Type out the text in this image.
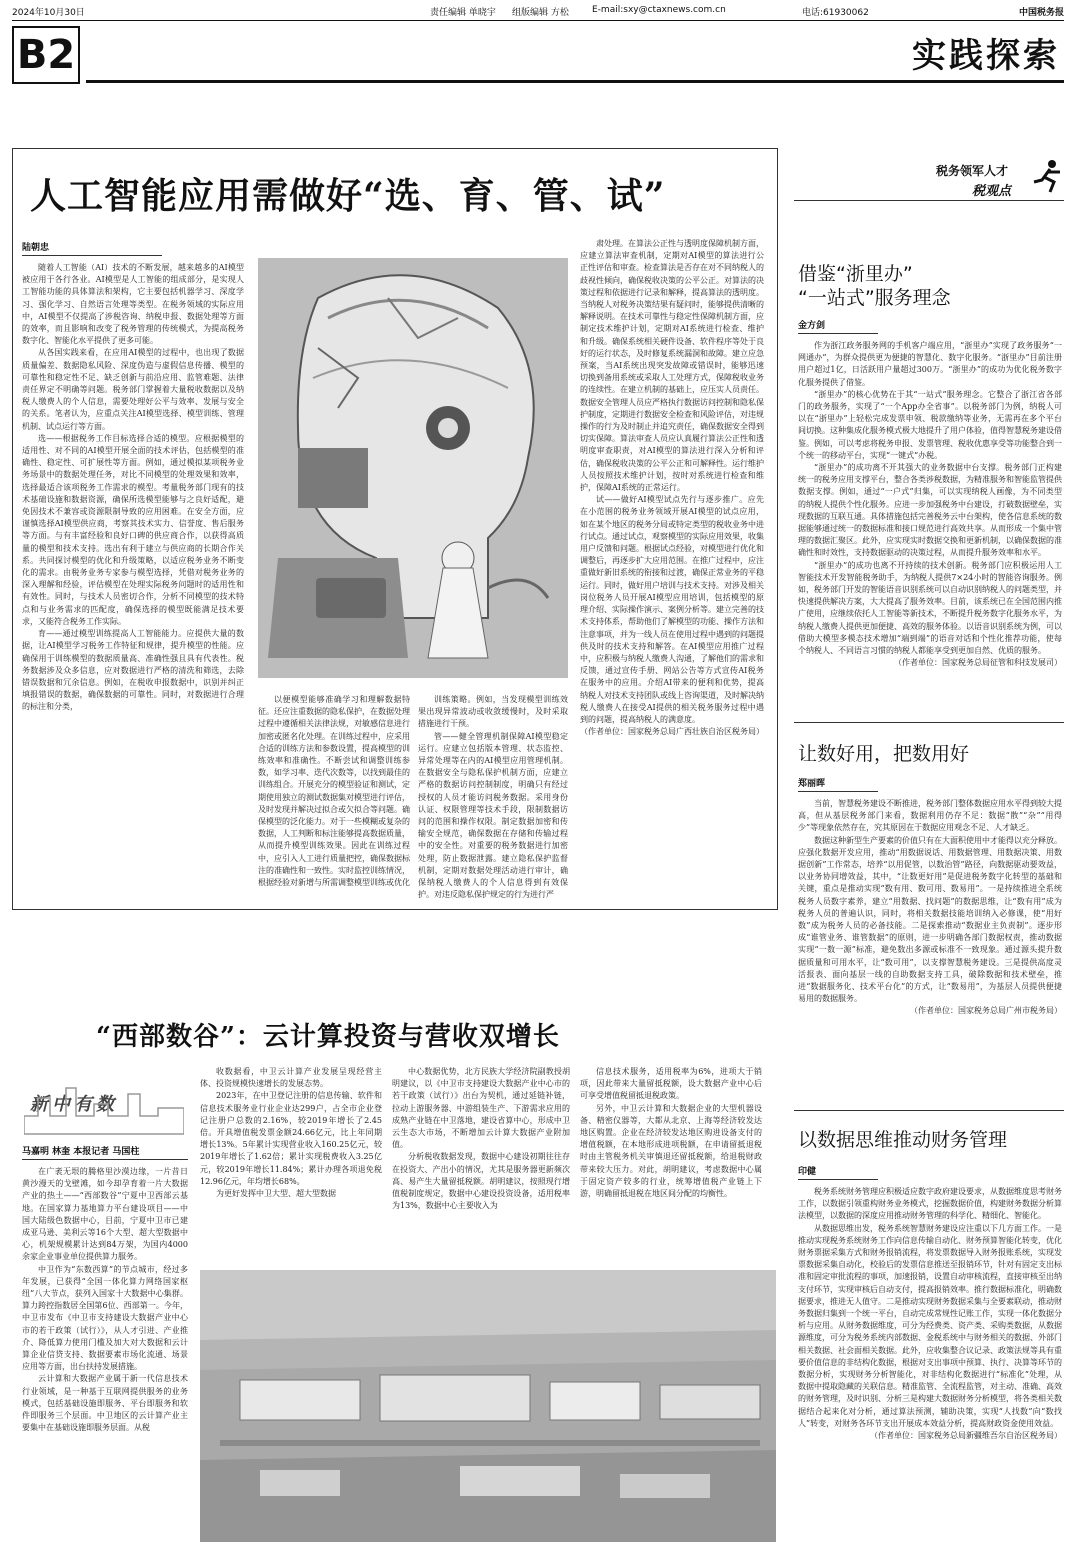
2024年10月30日	责任编辑 单晓宇 组版编辑 方松	E-mail:sxy@ctaxnews.com.cn	电话:61930062	中国税务报
B2	实践探索
人工智能应用需做好“选、育、管、试”
陆朝忠

随着人工智能（AI）技术的不断发展，越来越多的AI模型被应用于各行各业。AI模型是人工智能的组成部分，是实现人工智能功能的具体算法和架构，它主要包括机器学习、深度学习、强化学习、自然语言处理等类型。在税务领域的实际应用中，AI模型不仅提高了涉税咨询、纳税申报、数据处理等方面的效率，而且影响和改变了税务管理的传统模式，为提高税务数字化、智能化水平提供了更多可能。

从各国实践来看，在应用AI模型的过程中，也出现了数据质量偏差、数据隐私风险、深度伪造与虚假信息传播、模型的可靠性和稳定性不足、缺乏创新与前沿应用、监管难题、法律责任界定不明确等问题。税务部门掌握着大量税收数据以及纳税人缴费人的个人信息，需要处理好公平与效率、发展与安全的关系。笔者认为，应重点关注AI模型选择、模型训练、管理机制、试点运行等方面。

选——根据税务工作目标选择合适的模型。应根据模型的适用性、对不同的AI模型开展全面的技术评估，包括模型的准确性、稳定性、可扩展性等方面。例如，通过模拟某项税务业务场景中的数据处理任务，对比不同模型的处理效果和效率，选择最适合该项税务工作需求的模型。考量税务部门现有的技术基础设施和数据资源，确保所选模型能够与之良好适配，避免因技术不兼容或资源限制导致的应用困难。在安全方面，应谨慎选择AI模型供应商，考察其技术实力、信誉度、售后服务等方面。与有丰富经验和良好口碑的供应商合作，以获得高质量的模型和技术支持。选出有利于建立与供应商的长期合作关系。共同探讨模型的优化和升级策略，以适应税务业务不断变化的需求。由税务业务专家参与模型选择，凭借对税务业务的深入理解和经验，评估模型在处理实际税务问题时的适用性和有效性。同时，与技术人员密切合作，分析不同模型的技术特点和与业务需求的匹配度，确保选择的模型既能满足技术要求，又能符合税务工作实际。

育——通过模型训练提高人工智能能力。应提供大量的数据，让AI模型学习税务工作特征和规律，提升模型的性能。应确保用于训练模型的数据质量高、准确性强且具有代表性。税务数据涉及众多信息，应对数据进行严格的清洗和筛选，去除错误数据和冗余信息。例如，在税收申报数据中，识别并纠正填报错误的数据，确保数据的可靠性。同时，对数据进行合理的标注和分类，

以便模型能够准确学习和理解数据特征。还应注重数据的隐私保护，在数据处理过程中遵循相关法律法规，对敏感信息进行加密或匿名化处理。在训练过程中，应采用合适的训练方法和参数设置，提高模型的训练效率和准确性。不断尝试和调整训练参数，如学习率、迭代次数等，以找到最佳的训练组合。开展充分的模型验证和测试，定期使用独立的测试数据集对模型进行评估，及时发现并解决过拟合或欠拟合等问题。确保模型的泛化能力。对于一些模糊或复杂的数据，人工判断和标注能够提高数据质量，从而提升模型训练效果。因此在训练过程中，应引入人工进行质量把控，确保数据标注的准确性和一致性。实时监控训练情况，根据经验对新增与所需调整模型训练或优化

训练策略。例如，当发现模型训练效果出现异常波动或收敛缓慢时，及时采取措施进行干预。

管——健全管理机制保障AI模型稳定运行。应建立包括版本管理、状态监控、异常处理等在内的AI模型应用管理机制。在数据安全与隐私保护机制方面，应建立严格的数据访问控制制度，明确只有经过授权的人员才能访问税务数据。采用身份认证、权限管理等技术手段，限制数据访问的范围和操作权限。制定数据加密和传输安全规范，确保数据在存储和传输过程中的安全性。对重要的税务数据进行加密处理，防止数据泄露。建立隐私保护监督机制，定期对数据处理活动进行审计，确保纳税人缴费人的个人信息得到有效保护。对违反隐私保护规定的行为进行严

肃处理。在算法公正性与透明度保障机制方面，应建立算法审查机制，定期对AI模型的算法进行公正性评估和审查。检查算法是否存在对不同纳税人的歧视性倾向，确保税收决策的公平公正。对算法的决策过程和依据进行记录和解释，提高算法的透明度。当纳税人对税务决策结果有疑问时，能够提供清晰的解释说明。在技术可靠性与稳定性保障机制方面，应制定技术维护计划，定期对AI系统进行检查、维护和升级。确保系统相关硬件设备、软件程序等处于良好的运行状态，及时修复系统漏洞和故障。建立应急预案，当AI系统出现突发故障或错误时，能够迅速切换到备用系统或采取人工处理方式，保障税收业务的连续性。在建立机制的基础上，应压实人员责任。数据安全管理人员应严格执行数据访问控制和隐私保护制度，定期进行数据安全检查和风险评估，对违规操作的行为及时制止并追究责任，确保数据安全得到切实保障。算法审查人员应认真履行算法公正性和透明度审查职责，对AI模型的算法进行深入分析和评估，确保税收决策的公平公正和可解释性。运行维护人员按照技术维护计划，按时对系统进行检查和维护，保障AI系统的正常运行。

试——做好AI模型试点先行与逐步推广。应先在小范围的税务业务领域开展AI模型的试点应用，如在某个地区的税务分局或特定类型的税收业务中进行试点。通过试点，观察模型的实际应用效果，收集用户反馈和问题。根据试点经验，对模型进行优化和调整后，再逐步扩大应用范围。在推广过程中，应注重做好新旧系统的衔接和过渡，确保正常业务的平稳运行。同时，做好用户培训与技术支持。对涉及相关岗位税务人员开展AI模型应用培训，包括模型的原理介绍、实际操作演示、案例分析等。建立完善的技术支持体系，帮助他们了解模型的功能、操作方法和注意事项，并为一线人员在使用过程中遇到的问题提供及时的技术支持和解答。在AI模型应用推广过程中，应积极与纳税人缴费人沟通，了解他们的需求和反馈，通过宣传手册、网站公告等方式宣传AI税务在服务中的应用。介绍AI带来的便利和优势，提高纳税人对技术支持团队或线上咨询渠道，及时解决纳税人缴费人在接受AI提供的相关税务服务过程中遇到的问题，提高纳税人的满意度。

（作者单位：国家税务总局广西壮族自治区税务局）

税务领军人才
税观点
借鉴“浙里办”
“一站式”服务理念
金方剑

作为浙江政务服务网的手机客户端应用，“浙里办”实现了政务服务“一网通办”，为群众提供更为便捷的智慧化、数字化服务。“浙里办”目前注册用户超过1亿，日活跃用户量超过300万。“浙里办”的成功为优化税务数字化服务提供了借鉴。

“浙里办”的核心优势在于其“一站式”服务理念。它整合了浙江省各部门的政务服务，实现了“一个App办全省事”。以税务部门为例，纳税人可以在“浙里办”上轻松完成发票申领、税款缴纳等业务，无需再在多个平台间切换。这种集成化服务模式极大地提升了用户体验，值得智慧税务建设借鉴。例如，可以考虑将税务申报、发票管理、税收优惠享受等功能整合到一个统一的移动平台，实现“一键式”办税。

“浙里办”的成功离不开其强大的业务数据中台支撑。税务部门正构建统一的税务应用支撑平台，整合各类涉税数据，为精准服务和智能监管提供数据支撑。例如，通过“一户式”归集，可以实现纳税人画像，为不同类型的纳税人提供个性化服务。应进一步加强税务中台建设，打破数据壁垒，实现数据的互联互通。具体措施包括完善税务云中台架构，使各信息系统的数据能够通过统一的数据标准和接口规范进行高效共享。从而形成一个集中管理的数据汇聚区。此外，应实现实时数据交换和更新机制，以确保数据的准确性和时效性，支持数据驱动的决策过程，从而提升服务效率和水平。

“浙里办”的成功也离不开持续的技术创新。税务部门应积极运用人工智能技术开发智能税务助手，为纳税人提供7×24小时的智能咨询服务。例如，税务部门开发的智能语音识别系统可以自动识别纳税人的问题类型，并快速提供解决方案，大大提高了服务效率。目前，该系统已在全国范围内推广使用，应继续依托人工智能等新技术，不断提升税务数字化服务水平，为纳税人缴费人提供更加便捷、高效的服务体验。以语音识别系统为例，可以借助大模型多模态技术增加“端到端”的语音对话和个性化推荐功能，使每个纳税人、不同语言习惯的纳税人都能享受到更加自然、优质的服务。

（作者单位：国家税务总局征管和科技发展司）

让数好用，把数用好
郑丽晖

当前，智慧税务建设不断推进，税务部门整体数据应用水平得到较大提高，但从基层税务部门来看，数据利用仍存不足：数据“散”“杂”“用得少”等现象依然存在，究其原因在于数据应用观念不足、人才缺乏。

数据这种新型生产要素的价值只有在大面积使用中才能得以充分释放。应强化数据开发应用，推动“用数据说话、用数据管理、用数据决策、用数据创新”工作常态，培养“以用促管，以数治管”路径，向数据驱动要效益，以业务协同增效益，其中，“让数更好用”是促进税务数字化转型的基础和关键，重点是推动实现“数有用、数可用、数易用”。一是持续推进全系统税务人员数字素养，建立“用数据、找问题”的数据思维，让“数有用”成为税务人员的普遍认识，同时，将相关数据技能培训纳入必修课，使“用好数”成为税务人员的必备技能。二是探索推动“数据业主负责制”。逐步形成“谁管业务、谁管数据”的原则，进一步明确各部门数据权责，推动数据实现“一数一源”标准，避免数出多源或标准不一致现象。通过源头提升数据质量和可用水平，让“数可用”，以支撑智慧税务建设。三是提供高度灵活报表、面向基层一线的自助数据支持工具，破除数据和技术壁垒，推进“数据服务化、技术平台化”的方式，让“数易用”，为基层人员提供便捷易用的数据服务。

（作者单位：国家税务总局广州市税务局）

以数据思维推动财务管理
印健

税务系统财务管理应积极适应数字政府建设要求，从数据维度思考财务工作，以数据引领重构财务业务模式，挖掘数据价值，构建财务数据分析算法模型，以数据的深度应用推动财务管理的科学化、精细化、智能化。

从数据思维出发，税务系统智慧财务建设应注重以下几方面工作。一是推动实现税务系统财务工作向信息传输自动化、财务预算智能化转变，优化财务票据采集方式和财务报销流程，将发票数据导入财务报账系统，实现发票数据采集自动化，校验后的发票信息推送至报销环节，针对有固定支出标准和固定审批流程的事项，加速报销，设置自动审核流程，直接审核至出纳支付环节，实现审核后自动支付，提高报销效率。推行数据标准化，明确数据要求，推进无人值守。二是推动实现财务数据采集与全要素联动，推动财务数据归集到一个统一平台，自动完成常规性记账工作，实现一体化数据分析与应用。从财务数据维度，可分为经费类、资产类、采购类数据，从数据源维度，可分为税务系统内部数据、金税系统中与财务相关的数据、外部门相关数据、社会面相关数据。此外，应收集整合议记录、政策法规等具有重要价值信息的非结构化数据，根据对支出事项中预算、执行、决算等环节的数据分析，实现财务分析智能化，对非结构化数据进行“标准化”处理，从数据中提取隐藏的关联信息。精准监管、全流程监管，对主动、准确、高效的财务管理，及时识别、分析三是构建大数据财务分析模型，将各类相关数据结合起来化对分析，通过算法预测，辅助决策，实现“人找数”向“数找人”转变，对财务各环节支出开展成本效益分析，提高财政资金使用效益。

（作者单位：国家税务总局新疆维吾尔自治区税务局）

“西部数谷”：云计算投资与营收双增长
新中有数
马嘉明 林奎 本报记者 马国柱

在广袤无垠的腾格里沙漠边缘，一片昔日黄沙漫天的戈壁滩，如今却孕育着一片大数据产业的热土——“西部数谷”宁夏中卫西部云基地。在国家算力基地算力平台建设项目——中国大陆级色数据中心，目前，宁夏中卫市已建成亚马逊、美利云等16个大型、超大型数据中心，机架规模累计达到84万架，为国内4000余家企业事业单位提供算力服务。

中卫作为“东数西算”的节点城市，经过多年发展，已获得“全国一体化算力网络国家枢纽”八大节点，获列入国家十大数据中心集群。算力跨控指数居全国第6位、西部第一。今年，中卫市发布《中卫市支持建设大数据产业中心市的若干政策（试行）》，从人才引进、产业推介、降低算力使用门槛及加大对大数据和云计算企业信贷支持、数据要素市场化流通、场景应用等方面，出台扶持发展措施。

云计算和大数据产业属于新一代信息技术行业领域，是一种基于互联网提供服务的业务模式，包括基础设施即服务、平台即服务和软件即服务三个层面。中卫地区的云计算产业主要集中在基础设施即服务层面。从税

收数据看，中卫云计算产业发展呈现经营主体、投资规模快速增长的发展态势。

2023年，在中卫登记注册的信息传输、软件和信息技术服务业行业企业达299户，占全市企业登记注册户总数的2.16%，较2019年增长了2.45倍。开具增值税发票金额24.66亿元，比上年同期增长13%。5年累计实现营业收入160.25亿元，较2019年增长了1.62倍；累计实现税费收入3.25亿元，较2019年增长11.84%；累计办理各项退免税12.96亿元，年均增长68%。

为更好发挥中卫大型、超大型数据

中心数据优势，北方民族大学经济院副教授胡明建议，以《中卫市支持建设大数据产业中心市的若干政策（试行）》出台为契机，通过延链补链，拉动上游服务器、中游组装生产、下游需求应用的成熟产业链在中卫落地，建设省算中心，形成中卫云生态大市场，不断增加云计算大数据产业附加值。

分析税收数据发现，数据中心建设初期往往存在投资大、产出小的情况，尤其是服务器更新频次高、易产生大量留抵税额。胡明建议，按照现行增值税制度规定，数据中心建设投资设备，适用税率为13%，数据中心主要收入为

信息技术服务，适用税率为6%，进项大于销项，因此带来大量留抵税额，设大数据产业中心后可享受增值税留抵退税政策。

另外，中卫云计算和大数据企业的大型机器设备、精密仪器等，大都从北京、上海等经济较发达地区购置。企业在经济较发达地区购进设备支付的增值税额，在本地形成进项税额，在申请留抵退税时由主管税务机关审慎退还留抵税额，给退税财政带来较大压力。对此，胡明建议，考虑数据中心属于固定资产较多的行业，统筹增值税产业链上下游，明确留抵退税在地区间分配的均衡性。
